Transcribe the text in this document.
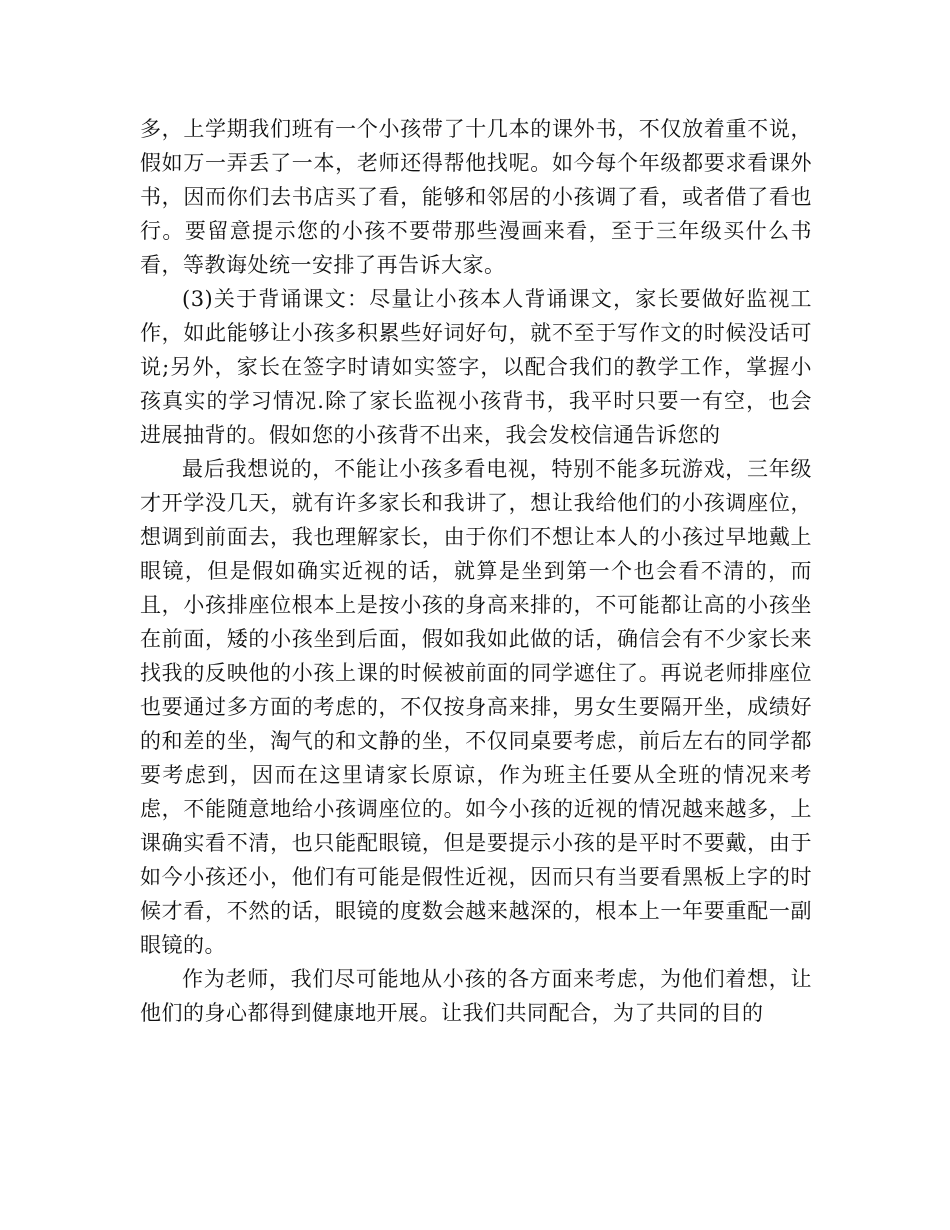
多，上学期我们班有一个小孩带了十几本的课外书，不仅放着重不说，假如万一弄丢了一本，老师还得帮他找呢。如今每个年级都要求看课外书，因而你们去书店买了看，能够和邻居的小孩调了看，或者借了看也行。要留意提示您的小孩不要带那些漫画来看，至于三年级买什么书看，等教诲处统一安排了再告诉大家。

(3)关于背诵课文：尽量让小孩本人背诵课文，家长要做好监视工作，如此能够让小孩多积累些好词好句，就不至于写作文的时候没话可说;另外，家长在签字时请如实签字，以配合我们的教学工作，掌握小孩真实的学习情况.除了家长监视小孩背书，我平时只要一有空，也会进展抽背的。假如您的小孩背不出来，我会发校信通告诉您的

最后我想说的，不能让小孩多看电视，特别不能多玩游戏，三年级才开学没几天，就有许多家长和我讲了，想让我给他们的小孩调座位，想调到前面去，我也理解家长，由于你们不想让本人的小孩过早地戴上眼镜，但是假如确实近视的话，就算是坐到第一个也会看不清的，而且，小孩排座位根本上是按小孩的身高来排的，不可能都让高的小孩坐在前面，矮的小孩坐到后面，假如我如此做的话，确信会有不少家长来找我的反映他的小孩上课的时候被前面的同学遮住了。再说老师排座位也要通过多方面的考虑的，不仅按身高来排，男女生要隔开坐，成绩好的和差的坐，淘气的和文静的坐，不仅同桌要考虑，前后左右的同学都要考虑到，因而在这里请家长原谅，作为班主任要从全班的情况来考虑，不能随意地给小孩调座位的。如今小孩的近视的情况越来越多，上课确实看不清，也只能配眼镜，但是要提示小孩的是平时不要戴，由于如今小孩还小，他们有可能是假性近视，因而只有当要看黑板上字的时候才看，不然的话，眼镜的度数会越来越深的，根本上一年要重配一副眼镜的。

作为老师，我们尽可能地从小孩的各方面来考虑，为他们着想，让他们的身心都得到健康地开展。让我们共同配合，为了共同的目的
